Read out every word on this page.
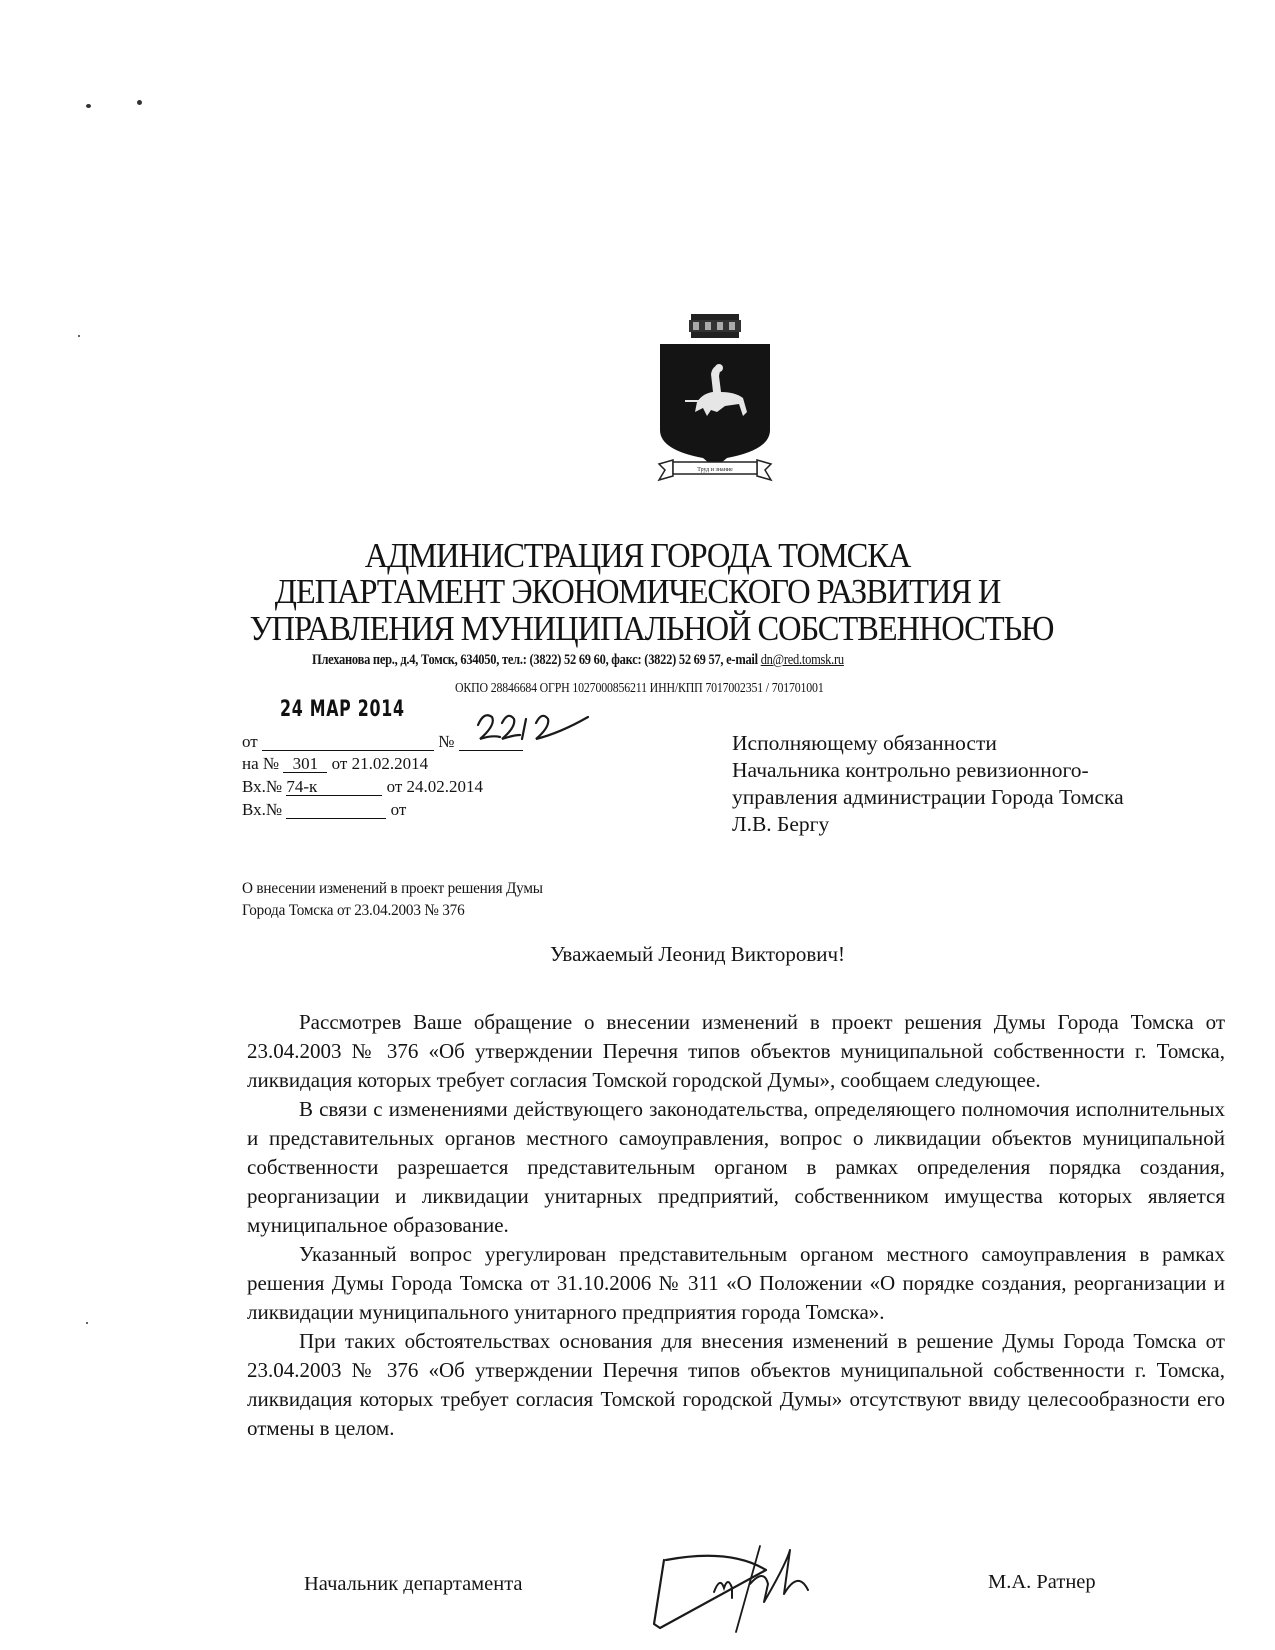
Труд и знание
АДМИНИСТРАЦИЯ ГОРОДА ТОМСКА
ДЕПАРТАМЕНТ ЭКОНОМИЧЕСКОГО РАЗВИТИЯ И
УПРАВЛЕНИЯ МУНИЦИПАЛЬНОЙ СОБСТВЕННОСТЬЮ
Плеханова пер., д.4, Томск, 634050, тел.: (3822) 52 69 60, факс: (3822) 52 69 57, e-mail dn@red.tomsk.ru
ОКПО 28846684 ОГРН 1027000856211 ИНН/КПП 7017002351 / 701701001
24 МАР 2014
от	№
на № 301 от 21.02.2014
Вх.№ 74-к	от 24.02.2014
Вх.№	от
Исполняющему обязанности
Начальника контрольно ревизионного-
управления администрации Города Томска
Л.В. Бергу
О внесении изменений в проект решения Думы
Города Томска от 23.04.2003 № 376
Уважаемый Леонид Викторович!

Рассмотрев Ваше обращение о внесении изменений в проект решения Думы Города Томска от 23.04.2003 № 376 «Об утверждении Перечня типов объектов муниципальной собственности г. Томска, ликвидация которых требует согласия Томской городской Думы», сообщаем следующее.

В связи с изменениями действующего законодательства, определяющего полномочия исполнительных и представительных органов местного самоуправления, вопрос о ликвидации объектов муниципальной собственности разрешается представительным органом в рамках определения порядка создания, реорганизации и ликвидации унитарных предприятий, собственником имущества которых является муниципальное образование.

Указанный вопрос урегулирован представительным органом местного самоуправления в рамках решения Думы Города Томска от 31.10.2006 № 311 «О Положении «О порядке создания, реорганизации и ликвидации муниципального унитарного предприятия города Томска».

При таких обстоятельствах основания для внесения изменений в решение Думы Города Томска от 23.04.2003 № 376 «Об утверждении Перечня типов объектов муниципальной собственности г. Томска, ликвидация которых требует согласия Томской городской Думы» отсутствуют ввиду целесообразности его отмены в целом.

Начальник департамента	М.А. Ратнер
